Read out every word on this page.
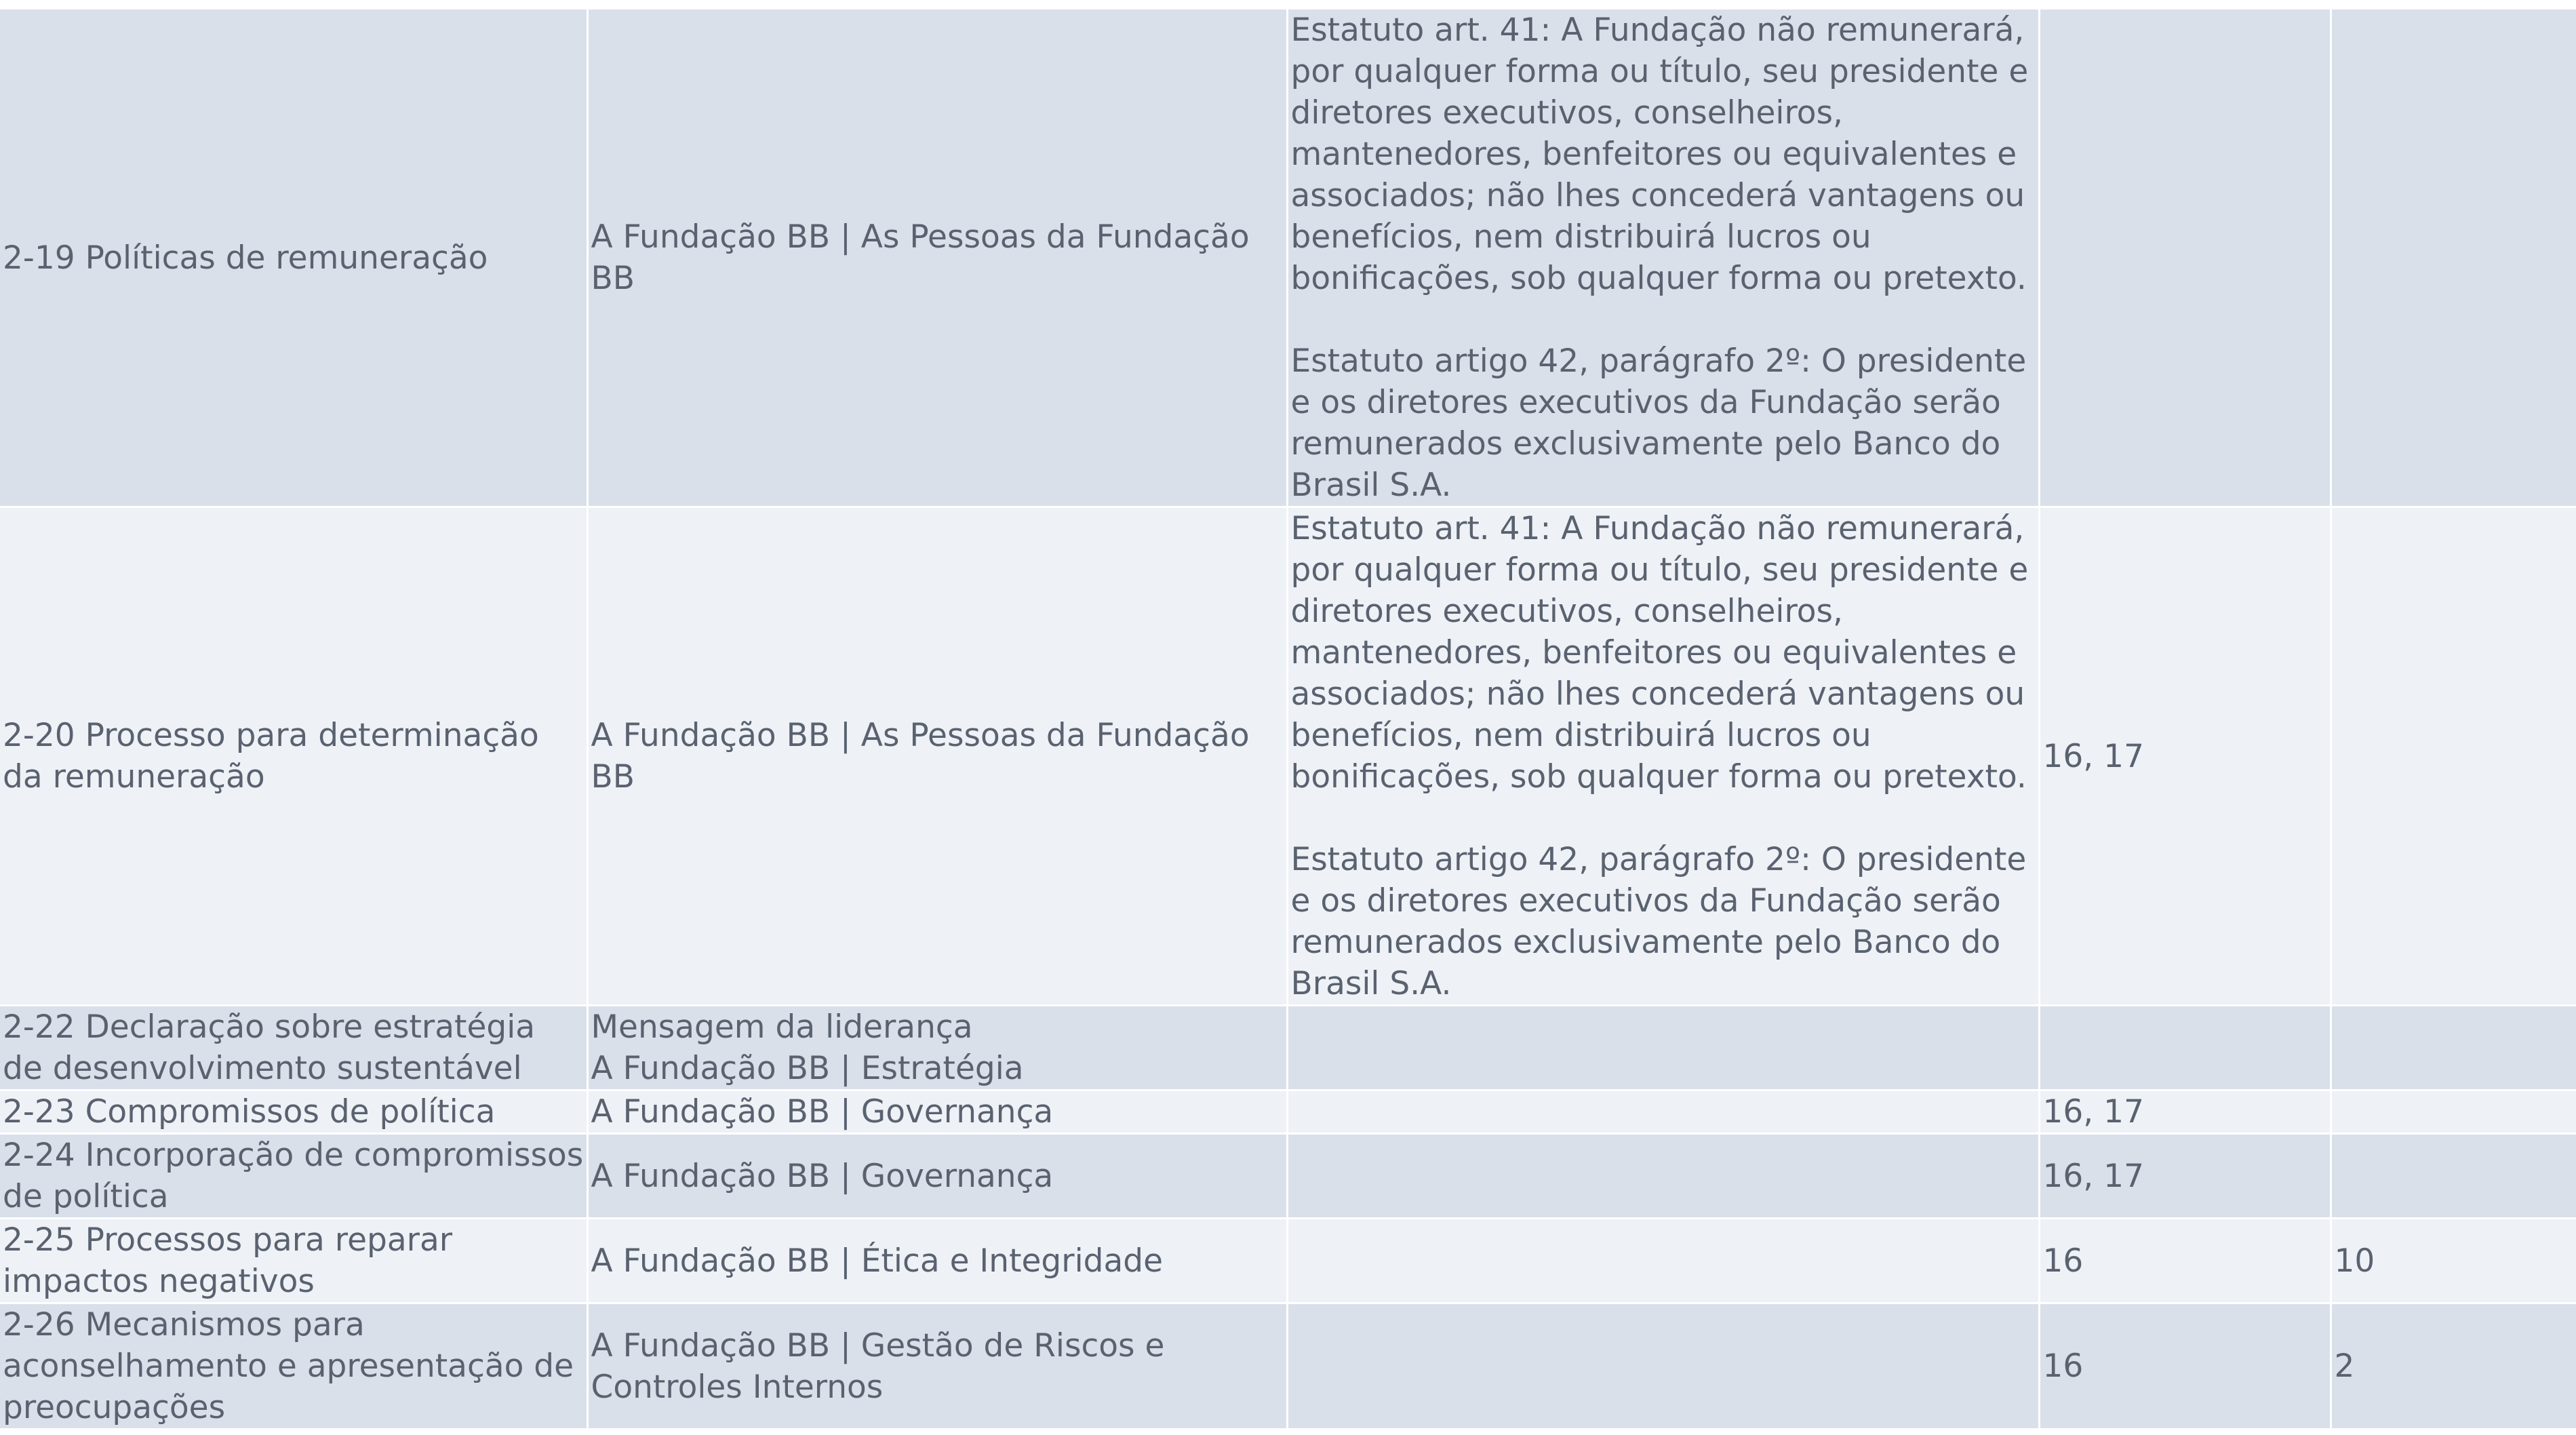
2-19 Políticas de remuneração	A Fundação BB | As Pessoas da Fundação BB	Estatuto art. 41: A Fundação não remunerará, por qualquer forma ou título, seu presidente e diretores executivos, conselheiros, mantenedores, benfeitores ou equivalentes e associados; não lhes concederá vantagens ou benefícios, nem distribuirá lucros ou bonificações, sob qualquer forma ou pretexto.

Estatuto artigo 42, parágrafo 2º: O presidente e os diretores executivos da Fundação serão remunerados exclusivamente pelo Banco do Brasil S.A.		
2-20 Processo para determinação da remuneração	A Fundação BB | As Pessoas da Fundação BB	Estatuto art. 41: A Fundação não remunerará, por qualquer forma ou título, seu presidente e diretores executivos, conselheiros, mantenedores, benfeitores ou equivalentes e associados; não lhes concederá vantagens ou benefícios, nem distribuirá lucros ou bonificações, sob qualquer forma ou pretexto.

Estatuto artigo 42, parágrafo 2º: O presidente e os diretores executivos da Fundação serão remunerados exclusivamente pelo Banco do Brasil S.A.	16, 17	
2-22 Declaração sobre estratégia de desenvolvimento sustentável	Mensagem da liderança
A Fundação BB | Estratégia			
2-23 Compromissos de política	A Fundação BB | Governança		16, 17	
2-24 Incorporação de compromissos de política	A Fundação BB | Governança		16, 17	
2-25 Processos para reparar impactos negativos	A Fundação BB | Ética e Integridade		16	10
2-26 Mecanismos para aconselhamento e apresentação de preocupações	A Fundação BB | Gestão de Riscos e Controles Internos		16	2
